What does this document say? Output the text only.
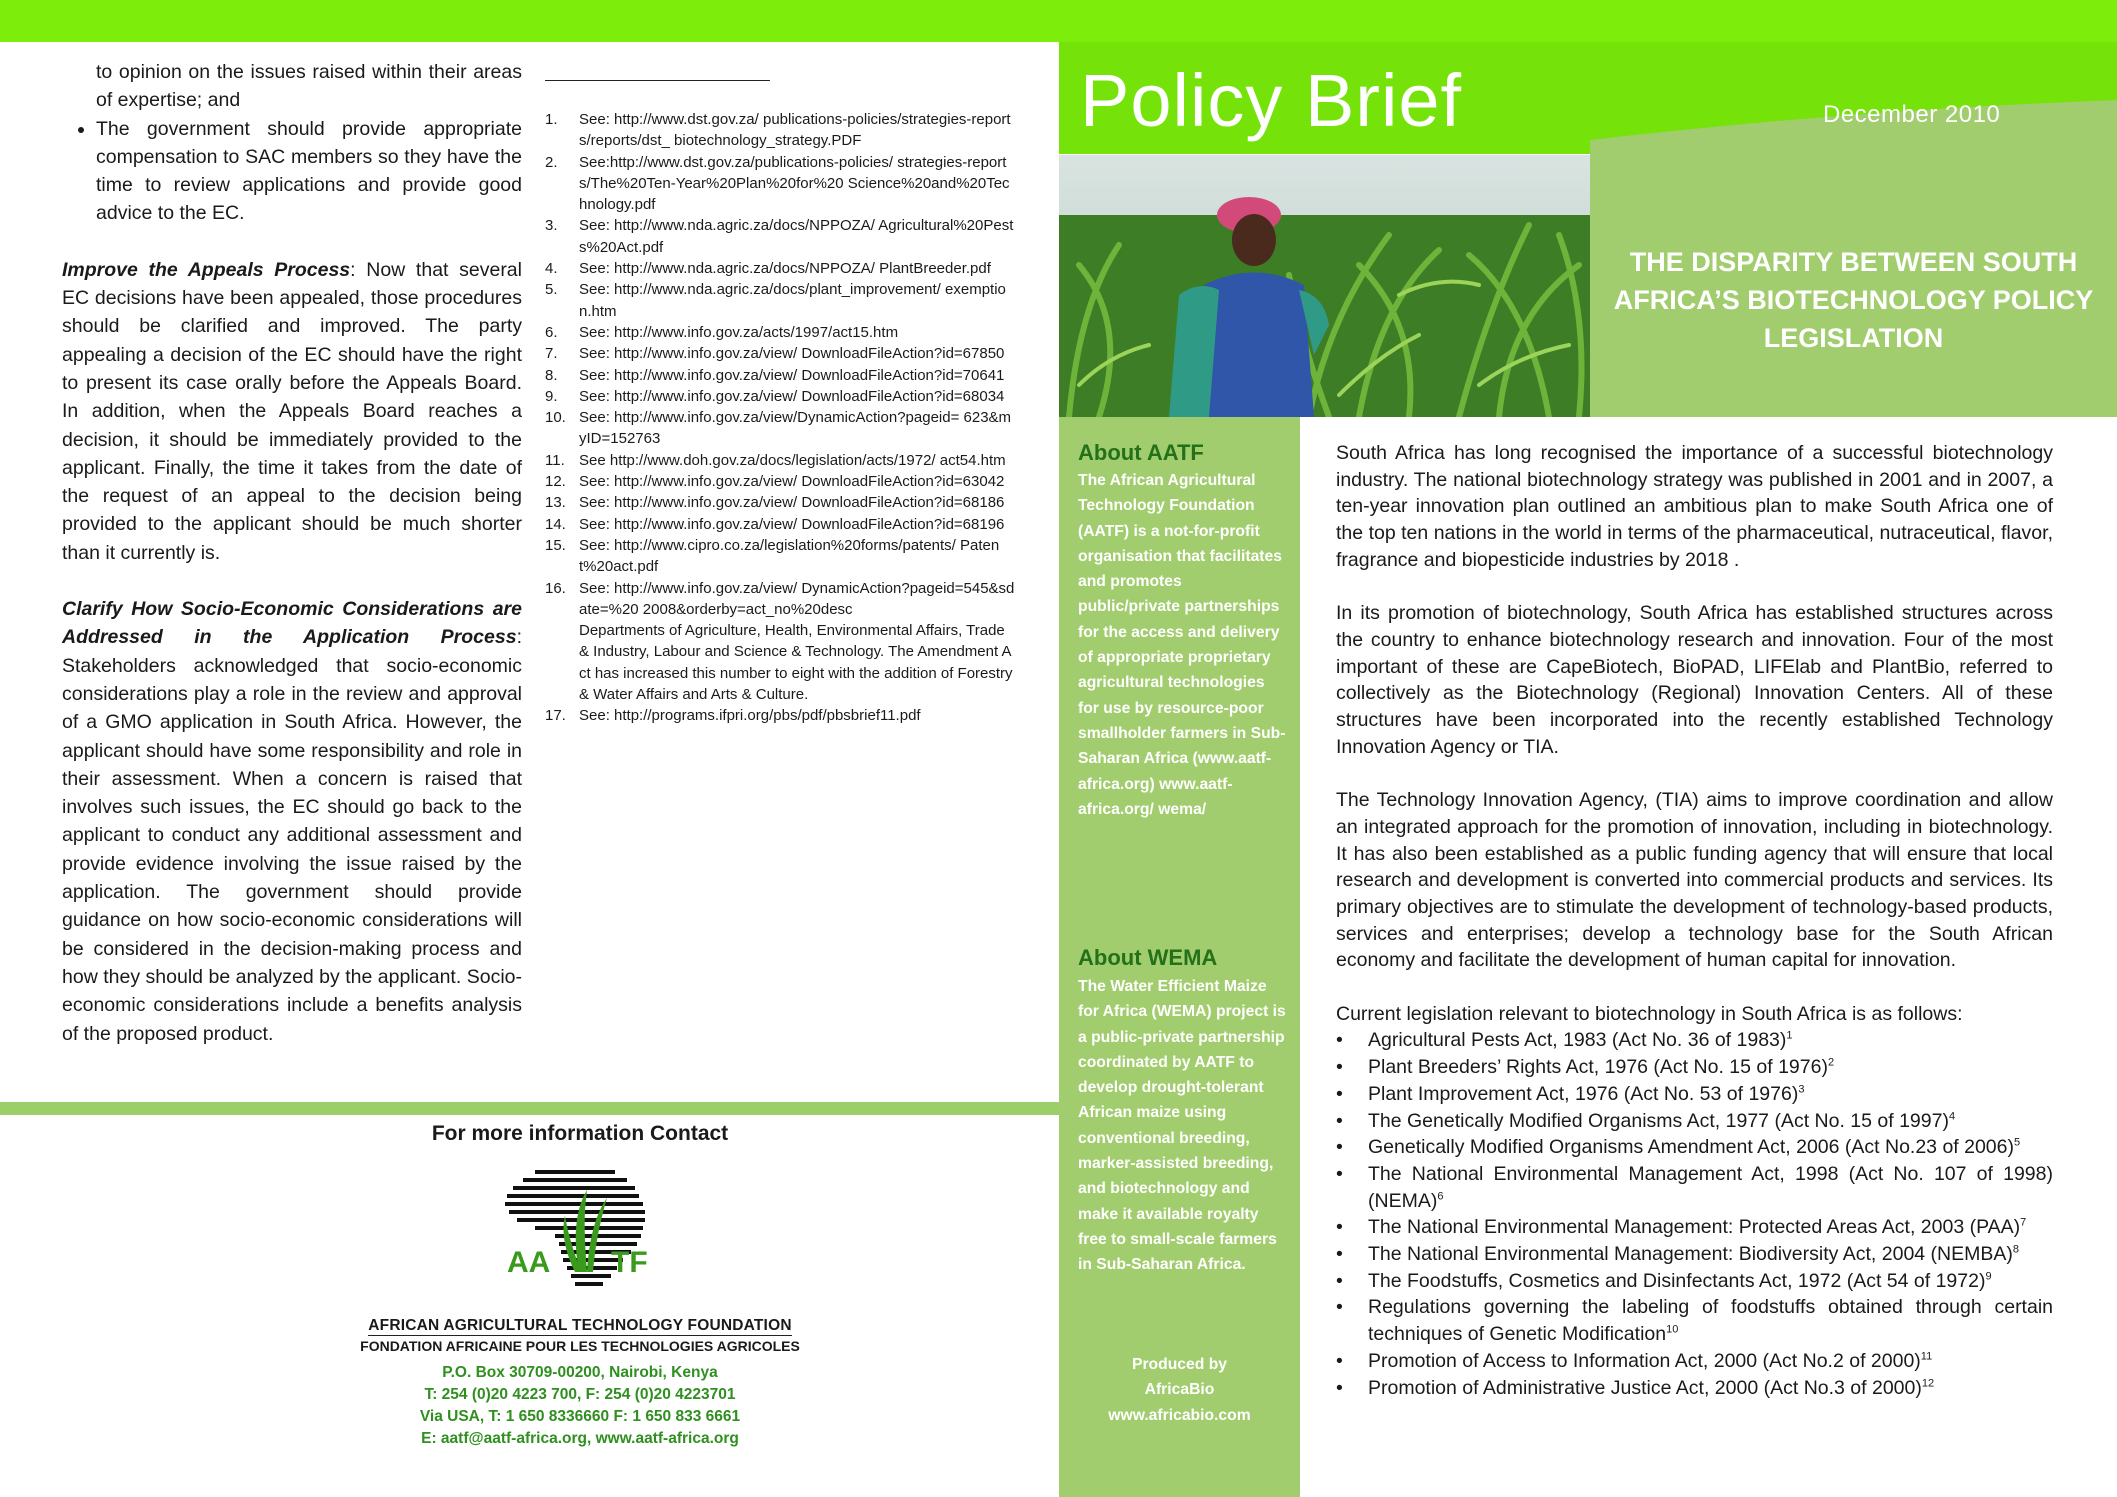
to opinion on the issues raised within their areas of expertise; and
• The government should provide appropriate compensation to SAC members so they have the time to review applications and provide good advice to the EC.

Improve the Appeals Process: Now that several EC decisions have been appealed, those procedures should be clarified and improved. The party appealing a decision of the EC should have the right to present its case orally before the Appeals Board. In addition, when the Appeals Board reaches a decision, it should be immediately provided to the applicant. Finally, the time it takes from the date of the request of an appeal to the decision being provided to the applicant should be much shorter than it currently is.

Clarify How Socio-Economic Considerations are Addressed in the Application Process: Stakeholders acknowledged that socio-economic considerations play a role in the review and approval of a GMO application in South Africa. However, the applicant should have some responsibility and role in their assessment. When a concern is raised that involves such issues, the EC should go back to the applicant to conduct any additional assessment and provide evidence involving the issue raised by the application. The government should provide guidance on how socio-economic considerations will be considered in the decision-making process and how they should be analyzed by the applicant. Socio-economic considerations include a benefits analysis of the proposed product.

1.	See: http://www.dst.gov.za/ publications-policies/strategies-reports/reports/dst_ biotechnology_strategy.PDF
2.	See:http://www.dst.gov.za/publications-policies/ strategies-reports/The%20Ten-Year%20Plan%20for%20 Science%20and%20Technology.pdf
3.	See: http://www.nda.agric.za/docs/NPPOZA/ Agricultural%20Pests%20Act.pdf
4.	See: http://www.nda.agric.za/docs/NPPOZA/ PlantBreeder.pdf
5.	See: http://www.nda.agric.za/docs/plant_improvement/ exemption.htm
6.	See: http://www.info.gov.za/acts/1997/act15.htm
7.	See: http://www.info.gov.za/view/ DownloadFileAction?id=67850
8.	See: http://www.info.gov.za/view/ DownloadFileAction?id=70641
9.	See: http://www.info.gov.za/view/ DownloadFileAction?id=68034
10. See: http://www.info.gov.za/view/DynamicAction?pageid= 623&myID=152763
11. See http://www.doh.gov.za/docs/legislation/acts/1972/ act54.htm
12. See: http://www.info.gov.za/view/ DownloadFileAction?id=63042
13. See: http://www.info.gov.za/view/ DownloadFileAction?id=68186
14. See: http://www.info.gov.za/view/ DownloadFileAction?id=68196
15. See: http://www.cipro.co.za/legislation%20forms/patents/ Patent%20act.pdf
16. See: http://www.info.gov.za/view/ DynamicAction?pageid=545&sdate=%20 2008&orderby=act_no%20desc
Departments of Agriculture, Health, Environmental Affairs, Trade & Industry, Labour and Science & Technology. The Amendment Act has increased this number to eight with the addition of Forestry & Water Affairs and Arts & Culture.
17. See: http://programs.ifpri.org/pbs/pdf/pbsbrief11.pdf
For more information Contact
AA TF
AFRICAN AGRICULTURAL TECHNOLOGY FOUNDATION
FONDATION AFRICAINE POUR LES TECHNOLOGIES AGRICOLES
P.O. Box 30709-00200, Nairobi, Kenya
T: 254 (0)20 4223 700, F: 254 (0)20 4223701
Via USA, T: 1 650 8336660 F: 1 650 833 6661
E: aatf@aatf-africa.org, www.aatf-africa.org
Policy Brief	December 2010
THE DISPARITY BETWEEN SOUTH AFRICA’S BIOTECHNOLOGY POLICY LEGISLATION
About AATF
The African Agricultural Technology Foundation (AATF) is a not-for-profit organisation that facilitates and promotes public/private partnerships for the access and delivery of appropriate proprietary agricultural technologies for use by resource-poor smallholder farmers in Sub-Saharan Africa (www.aatf-africa.org) www.aatf-africa.org/ wema/
About WEMA
The Water Efficient Maize for Africa (WEMA) project is a public-private partnership coordinated by AATF to develop drought-tolerant African maize using conventional breeding, marker-assisted breeding, and biotechnology and make it available royalty free to small-scale farmers in Sub-Saharan Africa.
Produced by
AfricaBio
www.africabio.com

South Africa has long recognised the importance of a successful biotechnology industry. The national biotechnology strategy was published in 2001 and in 2007, a ten-year innovation plan outlined an ambitious plan to make South Africa one of the top ten nations in the world in terms of the pharmaceutical, nutraceutical, flavor, fragrance and biopesticide industries by 2018 .

In its promotion of biotechnology, South Africa has established structures across the country to enhance biotechnology research and innovation. Four of the most important of these are CapeBiotech, BioPAD, LIFElab and PlantBio, referred to collectively as the Biotechnology (Regional) Innovation Centers. All of these structures have been incorporated into the recently established Technology Innovation Agency or TIA.

The Technology Innovation Agency, (TIA) aims to improve coordination and allow an integrated approach for the promotion of innovation, including in biotechnology. It has also been established as a public funding agency that will ensure that local research and development is converted into commercial products and services. Its primary objectives are to stimulate the development of technology-based products, services and enterprises; develop a technology base for the South African economy and facilitate the development of human capital for innovation.

Current legislation relevant to biotechnology in South Africa is as follows:
•	Agricultural Pests Act, 1983 (Act No. 36 of 1983)$^1$
•	Plant Breeders’ Rights Act, 1976 (Act No. 15 of 1976)$^2$
•	Plant Improvement Act, 1976 (Act No. 53 of 1976)$^3$
•	The Genetically Modified Organisms Act, 1977 (Act No. 15 of 1997)$^4$
•	Genetically Modified Organisms Amendment Act, 2006 (Act No.23 of 2006)$^5$
•	The National Environmental Management Act, 1998 (Act No. 107 of 1998) (NEMA)$^6$
•	The National Environmental Management: Protected Areas Act, 2003 (PAA)$^7$
•	The National Environmental Management: Biodiversity Act, 2004 (NEMBA)$^8$
•	The Foodstuffs, Cosmetics and Disinfectants Act, 1972 (Act 54 of 1972)$^9$
•	Regulations governing the labeling of foodstuffs obtained through certain techniques of Genetic Modification$^{10}$
•	Promotion of Access to Information Act, 2000 (Act No.2 of 2000)$^{11}$
•	Promotion of Administrative Justice Act, 2000 (Act No.3 of 2000)$^{12}$
